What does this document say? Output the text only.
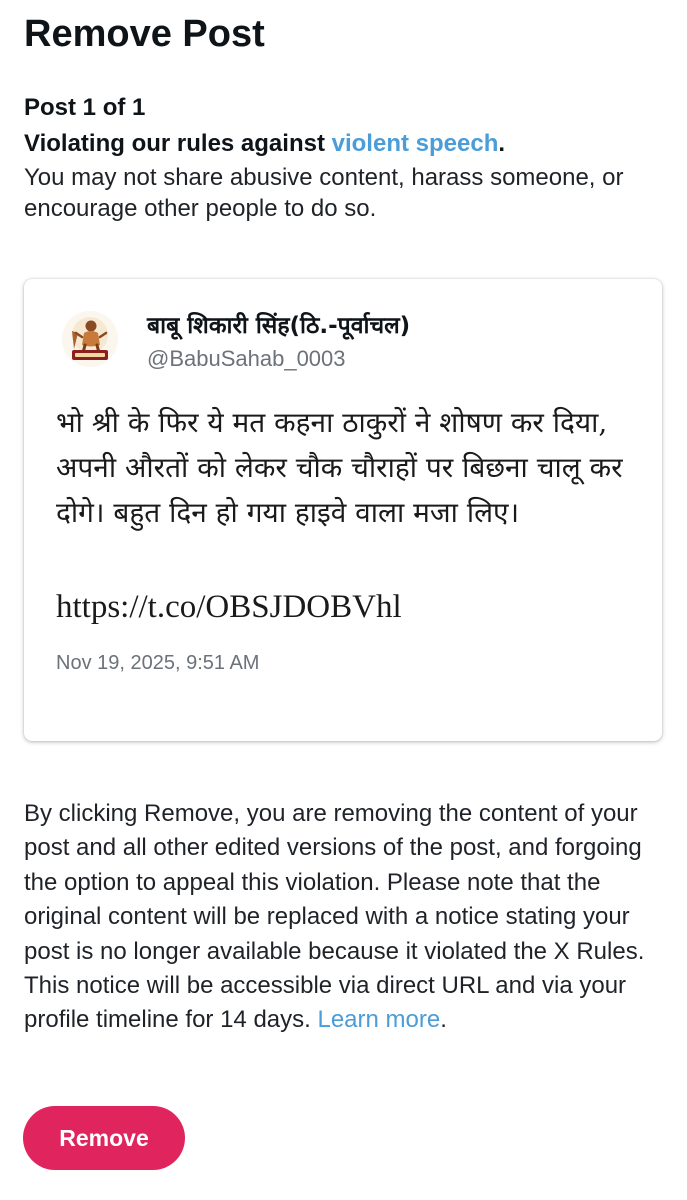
Remove Post
Post 1 of 1
Violating our rules against violent speech.
You may not share abusive content, harass someone, or encourage other people to do so.
बाबू शिकारी सिंह(ठि.-पूर्वाचल)
@BabuSahab_0003
भो श्री के फिर ये मत कहना ठाकुरों ने शोषण कर दिया, अपनी औरतों को लेकर चौक चौराहों पर बिछना चालू कर दोगे। बहुत दिन हो गया हाइवे वाला मजा लिए।
https://t.co/OBSJDOBVhl
Nov 19, 2025, 9:51 AM
By clicking Remove, you are removing the content of your post and all other edited versions of the post, and forgoing the option to appeal this violation. Please note that the original content will be replaced with a notice stating your post is no longer available because it violated the X Rules. This notice will be accessible via direct URL and via your profile timeline for 14 days. Learn more.
Remove
